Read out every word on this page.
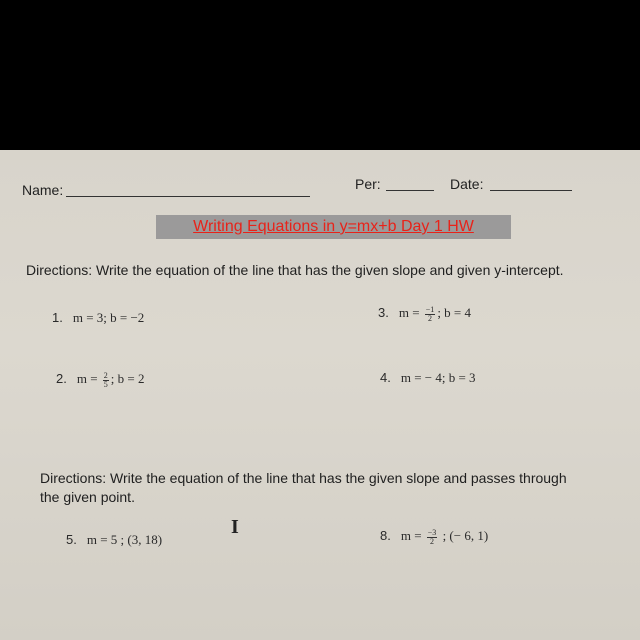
Name:	Per:	Date:
Writing Equations in y=mx+b Day 1 HW
Directions: Write the equation of the line that has the given slope and given y-intercept.
1. m = 3; b = −2	3. $m = \frac{-1}{2}$ ; b = 4
2. $m = \frac{2}{5}$ ; b = 2	4. m = − 4; b = 3
Directions: Write the equation of the line that has the given slope and passes through
the given point.
5. m = 5 ; (3, 18)	8. $m = \frac{-3}{2}$ ; (− 6, 1)
I
